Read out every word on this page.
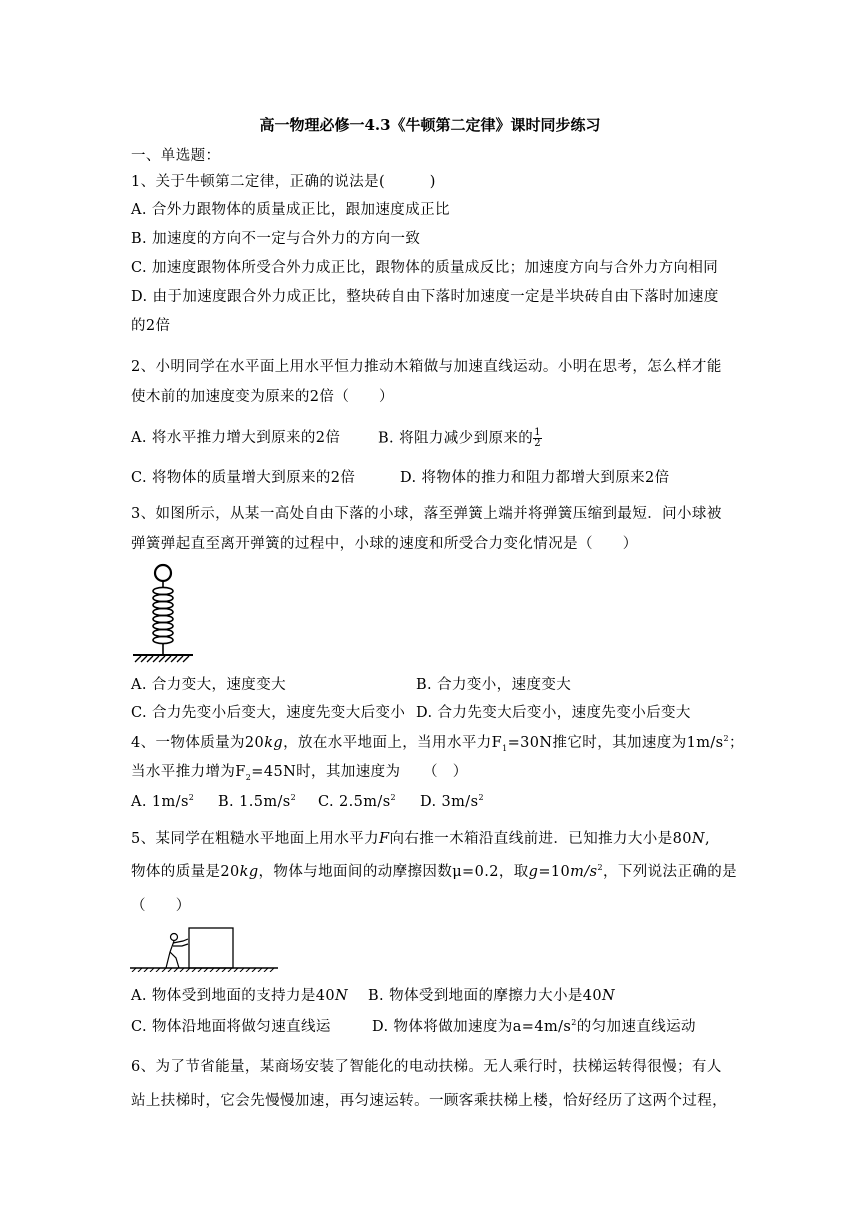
高一物理必修一4.3《牛顿第二定律》课时同步练习
一、单选题：
1、关于牛顿第二定律，正确的说法是(　　　)
A. 合外力跟物体的质量成正比，跟加速度成正比
B. 加速度的方向不一定与合外力的方向一致
C. 加速度跟物体所受合外力成正比，跟物体的质量成反比；加速度方向与合外力方向相同
D. 由于加速度跟合外力成正比，整块砖自由下落时加速度一定是半块砖自由下落时加速度
的2倍
2、小明同学在水平面上用水平恒力推动木箱做与加速直线运动。小明在思考，怎么样才能
使木前的加速度变为原来的2倍（　　）
A. 将水平推力增大到原来的2倍	B. 将阻力减少到原来的 $\frac{1}{2}$
C. 将物体的质量增大到原来的2倍	D. 将物体的推力和阻力都增大到原来2倍
3、如图所示，从某一高处自由下落的小球，落至弹簧上端并将弹簧压缩到最短．问小球被
弹簧弹起直至离开弹簧的过程中，小球的速度和所受合力变化情况是（　　）
A. 合力变大，速度变大	B. 合力变小，速度变大
C. 合力先变小后变大，速度先变大后变小 D. 合力先变大后变小，速度先变小后变大
4、一物体质量为20kg，放在水平地面上，当用水平力$F_1=30N$推它时，其加速度为$1m/s^2$；
当水平推力增为$F_2=45N$时，其加速度为　　（　）
A. $1m/s^2$ B. $1.5m/s^2$ C. $2.5m/s^2$ D. $3m/s^2$
5、某同学在粗糙水平地面上用水平力F向右推一木箱沿直线前进．已知推力大小是80N,
物体的质量是20kg，物体与地面间的动摩擦因数μ=0.2，取$g=10m/s^2$，下列说法正确的是
（　　）
A. 物体受到地面的支持力是40N B. 物体受到地面的摩擦力大小是40N
C. 物体沿地面将做匀速直线运	D. 物体将做加速度为$a=4m/s^2$的匀加速直线运动
6、为了节省能量，某商场安装了智能化的电动扶梯。无人乘行时，扶梯运转得很慢；有人
站上扶梯时，它会先慢慢加速，再匀速运转。一顾客乘扶梯上楼，恰好经历了这两个过程，
